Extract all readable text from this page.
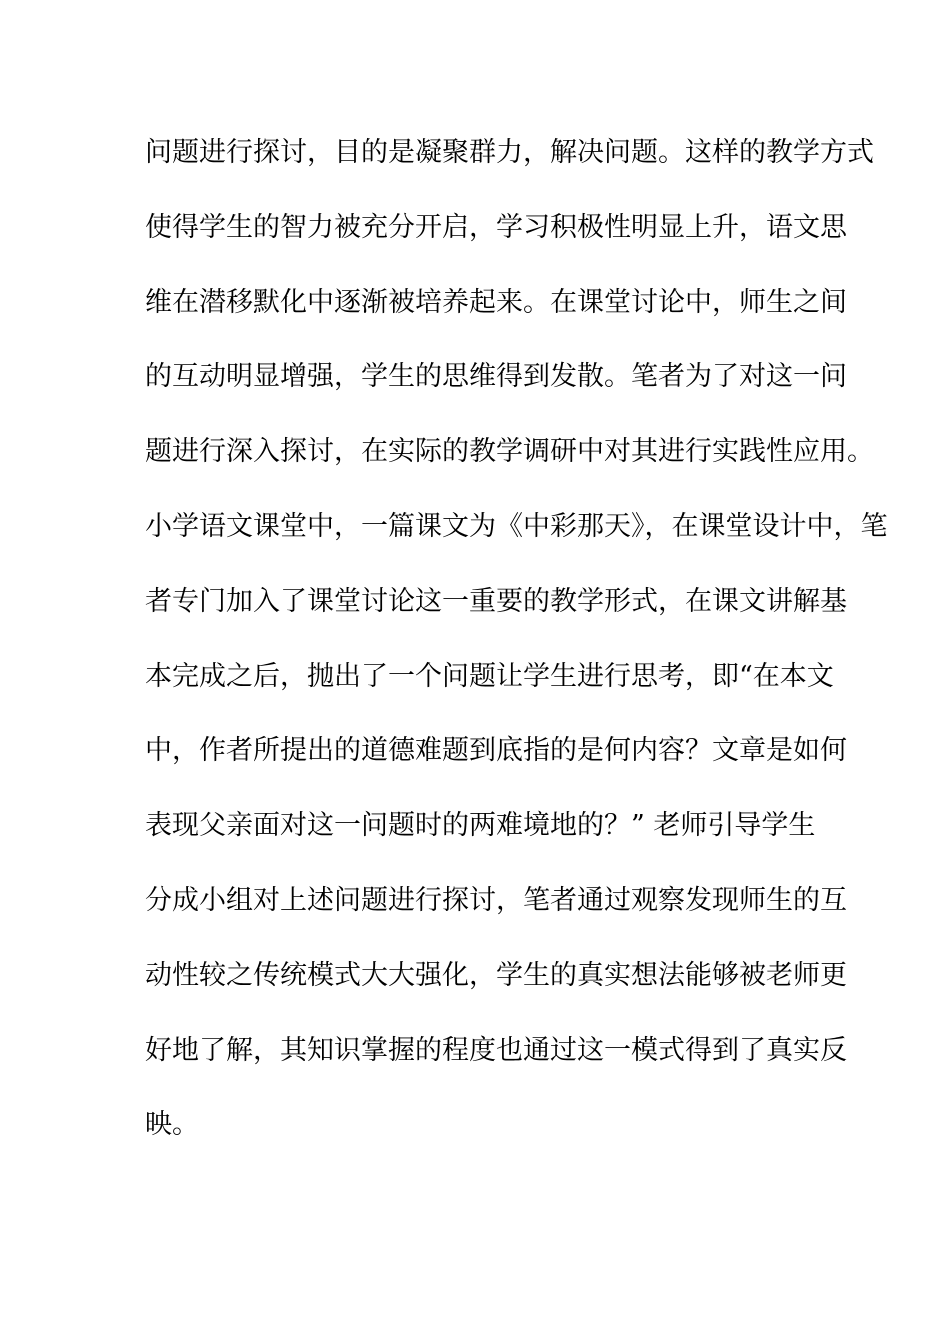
问题进行探讨，目的是凝聚群力，解决问题。这样的教学方式
使得学生的智力被充分开启，学习积极性明显上升，语文思
维在潜移默化中逐渐被培养起来。在课堂讨论中，师生之间
的互动明显增强，学生的思维得到发散。笔者为了对这一问
题进行深入探讨，在实际的教学调研中对其进行实践性应用。
小学语文课堂中，一篇课文为《中彩那天》，在课堂设计中，笔
者专门加入了课堂讨论这一重要的教学形式，在课文讲解基
本完成之后，抛出了一个问题让学生进行思考，即“在本文
中，作者所提出的道德难题到底指的是何内容？文章是如何
表现父亲面对这一问题时的两难境地的？” 老师引导学生
分成小组对上述问题进行探讨，笔者通过观察发现师生的互
动性较之传统模式大大强化，学生的真实想法能够被老师更
好地了解，其知识掌握的程度也通过这一模式得到了真实反
映。
